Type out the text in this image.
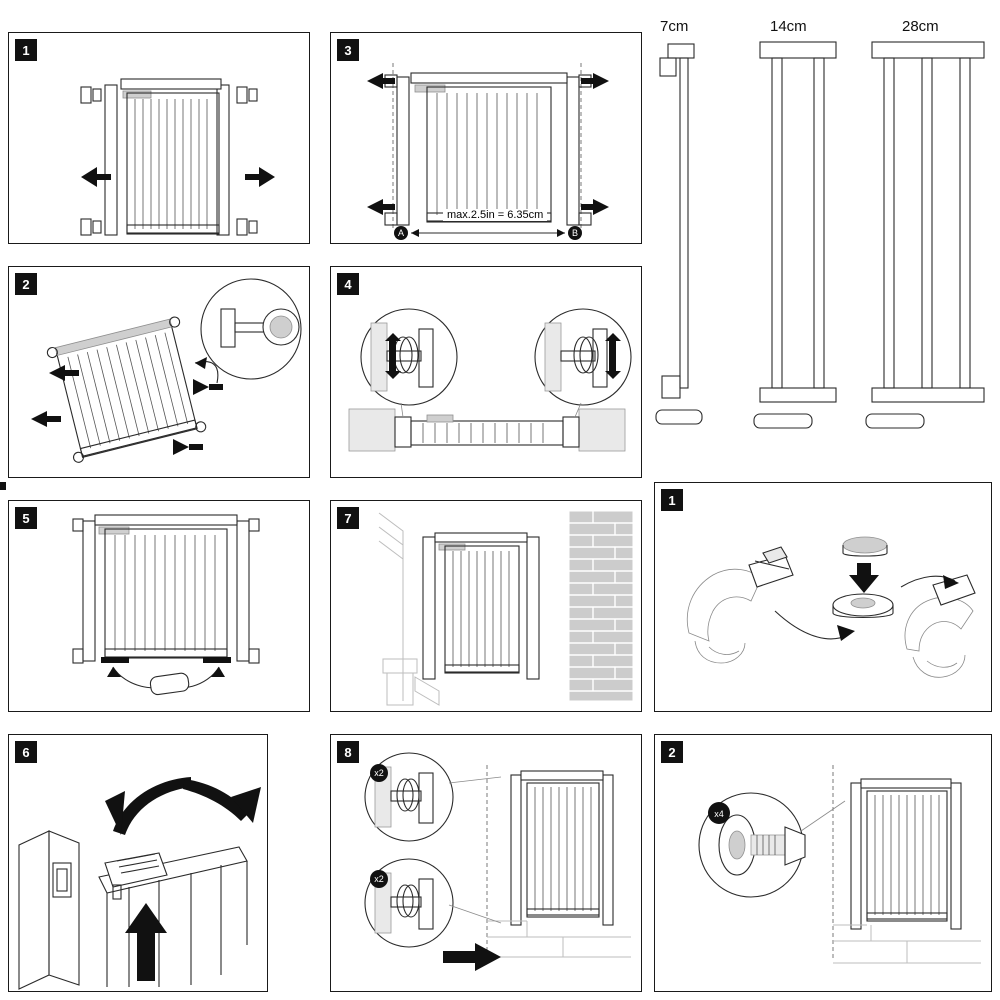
1
2
5
6
3
A	B
max.2.5in = 6.35cm
4
7
8
x2
x2
7cm	14cm	28cm
1
2
x4
